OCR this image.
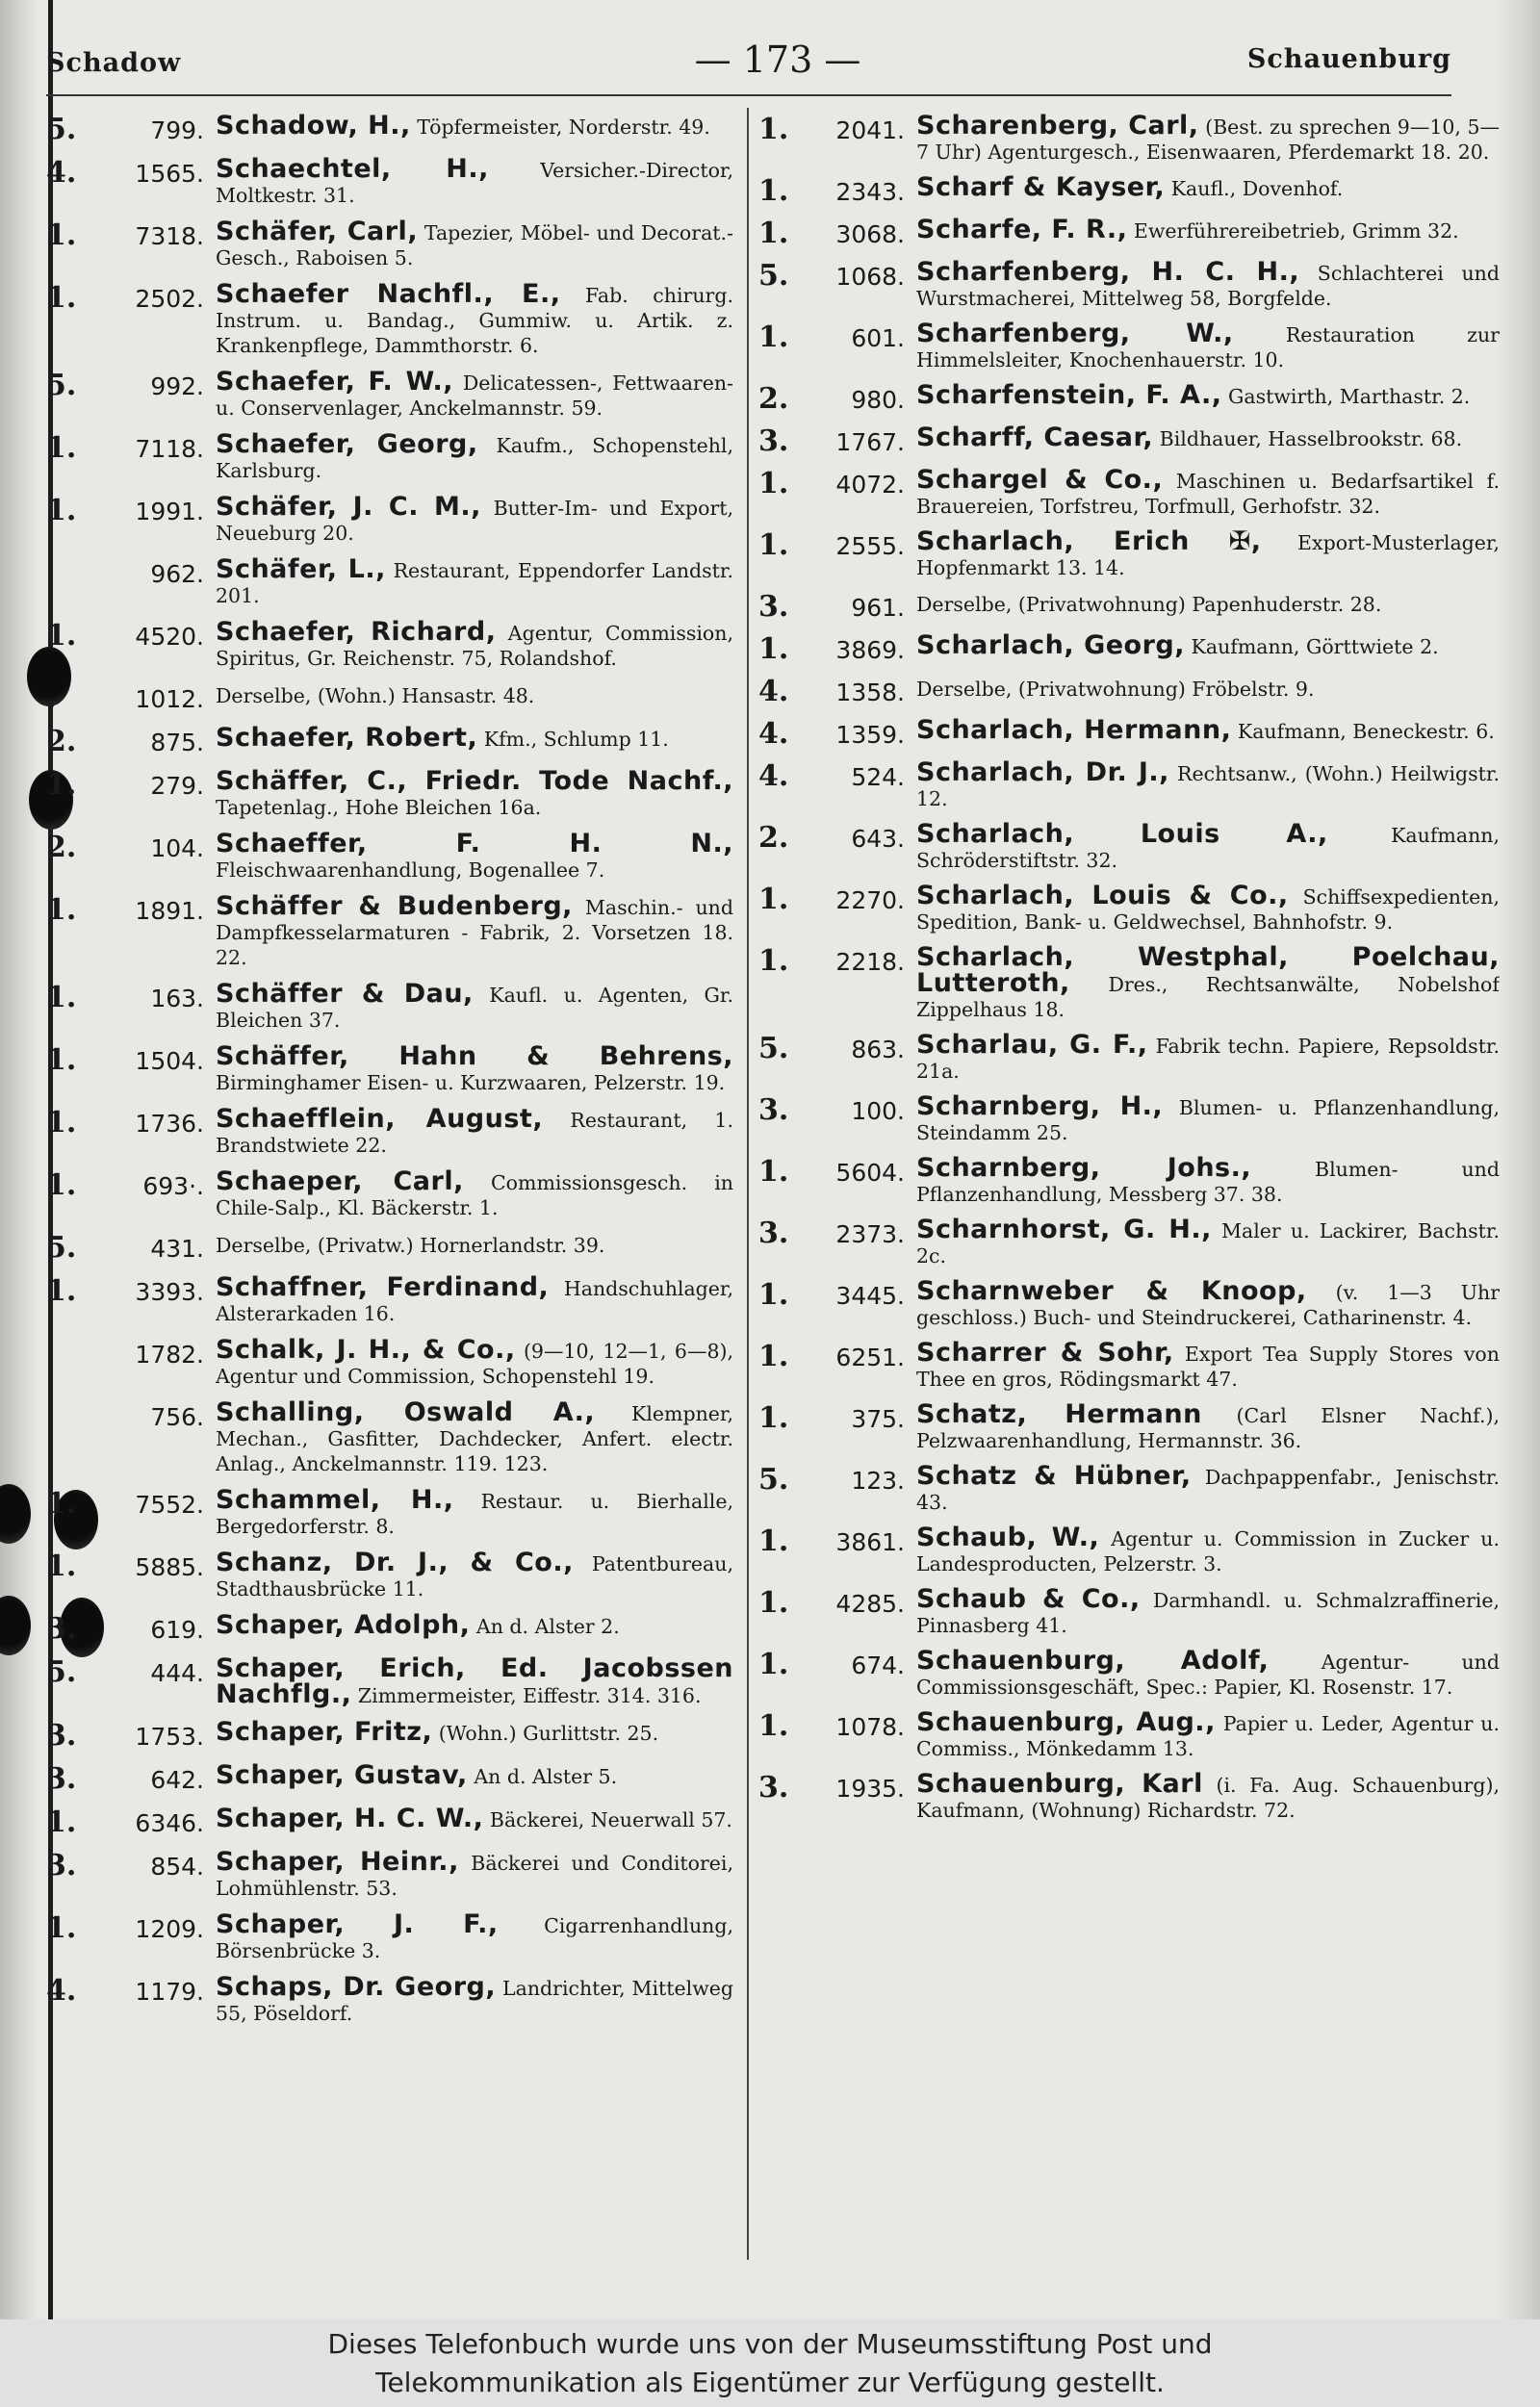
Schadow	— 173 —	Schauenburg
5.	799. Schadow, H., Töpfermeister, Norderstr. 49.
4.	1565. Schaechtel, H.,	Versicher.-Director, Moltkestr. 31.
1.	7318. Schäfer, Carl, Tapezier, Möbel- und Decorat.-Gesch., Raboisen 5.
1.	2502. Schaefer Nachfl., E., Fab. chirurg. Instrum. u. Bandag., Gummiw. u. Artik. z. Krankenpflege, Dammthorstr. 6.
5.	992. Schaefer, F. W., Delicatessen-, Fettwaaren- u. Conservenlager, Anckelmannstr. 59.
1.	7118. Schaefer, Georg, Kaufm., Schopenstehl, Karlsburg.
1.	1991. Schäfer, J. C. M., Butter-Im- und Export, Neueburg 20.
962. Schäfer, L., Restaurant, Eppendorfer Landstr. 201.
1.	4520. Schaefer, Richard, Agentur, Commission, Spiritus, Gr. Reichenstr. 75, Rolandshof.
.	1012. Derselbe, (Wohn.) Hansastr. 48.
2.	875. Schaefer, Robert, Kfm., Schlump 11.
1.	279. Schäffer, C., Friedr. Tode Nachf., Tapetenlag., Hohe Bleichen 16a.
2.	104. Schaeffer, F. H. N., Fleischwaarenhandlung, Bogenallee 7.
1.	1891. Schäffer & Budenberg, Maschin.- und Dampfkesselarmaturen - Fabrik, 2. Vorsetzen 18. 22.
1.	163. Schäffer & Dau, Kaufl. u. Agenten, Gr. Bleichen 37.
1.	1504. Schäffer, Hahn & Behrens, Birminghamer Eisen- u. Kurzwaaren, Pelzerstr. 19.
1.	1736. Schaefflein, August, Restaurant, 1. Brandstwiete 22.
1.	693·. Schaeper, Carl, Commissionsgesch. in Chile-Salp., Kl. Bäckerstr. 1.
5.	431. Derselbe, (Privatw.) Hornerlandstr. 39.
1.	3393. Schaffner, Ferdinand, Handschuhlager, Alsterarkaden 16.
1782. Schalk, J. H., & Co., (9—10, 12—1, 6—8), Agentur und Commission, Schopenstehl 19.
756. Schalling, Oswald A., Klempner, Mechan., Gasfitter, Dachdecker, Anfert. electr. Anlag., Anckelmannstr. 119. 123.
1.	7552. Schammel, H., Restaur. u. Bierhalle, Bergedorferstr. 8.
1.	5885. Schanz, Dr. J., & Co., Patentbureau, Stadthausbrücke 11.
3.	619. Schaper, Adolph, An d. Alster 2.
5.	444. Schaper, Erich, Ed. Jacobssen Nachflg., Zimmermeister, Eiffestr. 314. 316.
3.	1753. Schaper, Fritz, (Wohn.) Gurlittstr. 25.
3.	642. Schaper, Gustav, An d. Alster 5.
1.	6346. Schaper, H. C. W., Bäckerei, Neuerwall 57.
3.	854. Schaper, Heinr., Bäckerei und Conditorei, Lohmühlenstr. 53.
1.	1209. Schaper, J. F., Cigarrenhandlung, Börsenbrücke 3.
4.	1179. Schaps, Dr. Georg, Landrichter, Mittelweg 55, Pöseldorf.
1.	2041. Scharenberg, Carl, (Best. zu sprechen 9—10, 5—7 Uhr) Agenturgesch., Eisenwaaren, Pferdemarkt 18. 20.
1.	2343. Scharf & Kayser, Kaufl., Dovenhof.
1.	3068. Scharfe, F. R., Ewerführereibetrieb, Grimm 32.
5.	1068. Scharfenberg, H. C. H., Schlachterei und Wurstmacherei, Mittelweg 58, Borgfelde.
1.	601. Scharfenberg, W.,	Restauration zur Himmelsleiter, Knochenhauerstr. 10.
2.	980. Scharfenstein, F. A., Gastwirth, Marthastr. 2.
3.	1767. Scharff, Caesar, Bildhauer, Hasselbrookstr. 68.
1.	4072. Schargel & Co., Maschinen u. Bedarfsartikel f. Brauereien, Torfstreu, Torfmull, Gerhofstr. 32.
1.	2555. Scharlach, Erich ✠, Export-Musterlager, Hopfenmarkt 13. 14.
3.	961. Derselbe, (Privatwohnung) Papenhuderstr. 28.
1.	3869. Scharlach, Georg, Kaufmann, Görttwiete 2.
4.	1358. Derselbe, (Privatwohnung) Fröbelstr. 9.
4.	1359. Scharlach, Hermann, Kaufmann, Beneckestr. 6.
4.	524. Scharlach, Dr. J., Rechtsanw., (Wohn.) Heilwigstr. 12.
2.	643. Scharlach, Louis A.,	Kaufmann, Schröderstiftstr. 32.
1.	2270. Scharlach, Louis & Co., Schiffsexpedienten, Spedition, Bank- u. Geldwechsel, Bahnhofstr. 9.
1.	2218. Scharlach, Westphal, Poelchau, Lutteroth, Dres., Rechtsanwälte, Nobelshof Zippelhaus 18.
5.	863. Scharlau, G. F., Fabrik techn. Papiere, Repsoldstr. 21a.
3.	100. Scharnberg, H., Blumen- u. Pflanzenhandlung, Steindamm 25.
1.	5604. Scharnberg, Johs.,	Blumen- und Pflanzenhandlung, Messberg 37. 38.
3.	2373. Scharnhorst, G. H., Maler u. Lackirer, Bachstr. 2c.
1.	3445. Scharnweber & Knoop, (v. 1—3 Uhr geschloss.) Buch- und Steindruckerei, Catharinenstr. 4.
1.	6251. Scharrer & Sohr, Export Tea Supply Stores von Thee en gros, Rödingsmarkt 47.
1.	375. Schatz, Hermann (Carl Elsner Nachf.), Pelzwaarenhandlung, Hermannstr. 36.
5.	123. Schatz & Hübner, Dachpappenfabr., Jenischstr. 43.
1.	3861. Schaub, W., Agentur u. Commission in Zucker u. Landesproducten, Pelzerstr. 3.
1.	4285. Schaub & Co., Darmhandl. u. Schmalzraffinerie, Pinnasberg 41.
1.	674. Schauenburg, Adolf,	Agentur- und Commissionsgeschäft, Spec.: Papier, Kl. Rosenstr. 17.
1.	1078. Schauenburg, Aug., Papier u. Leder, Agentur u. Commiss., Mönkedamm 13.
3.	1935. Schauenburg, Karl (i. Fa. Aug. Schauenburg), Kaufmann, (Wohnung) Richardstr. 72.
Dieses Telefonbuch wurde uns von der Museumsstiftung Post und
Telekommunikation als Eigentümer zur Verfügung gestellt.
